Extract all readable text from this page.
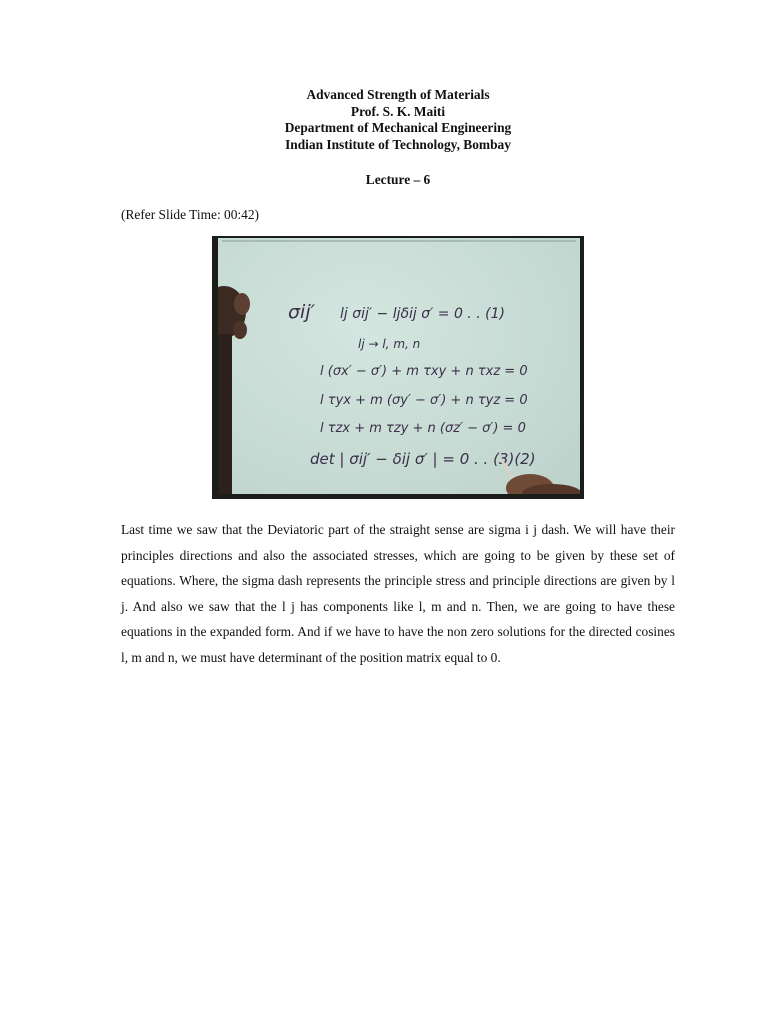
Advanced Strength of Materials
Prof. S. K. Maiti
Department of Mechanical Engineering
Indian Institute of Technology, Bombay
Lecture – 6
(Refer Slide Time: 00:42)
σij′ lj σij′ − ljδij σ′ = 0 . . (1)
lj → l, m, n
l (σx′ − σ′) + m τxy + n τxz = 0
l τyx + m (σy′ − σ′) + n τyz = 0
l τzx + m τzy + n (σz′ − σ′) = 0
det | σij′ − δij σ′ | = 0 . . (3)(2)
Last time we saw that the Deviatoric part of the straight sense are sigma i j dash. We will have their principles directions and also the associated stresses, which are going to be given by these set of equations. Where, the sigma dash represents the principle stress and principle directions are given by l j. And also we saw that the l j has components like l, m and n. Then, we are going to have these equations in the expanded form. And if we have to have the non zero solutions for the directed cosines l, m and n, we must have determinant of the position matrix equal to 0.
